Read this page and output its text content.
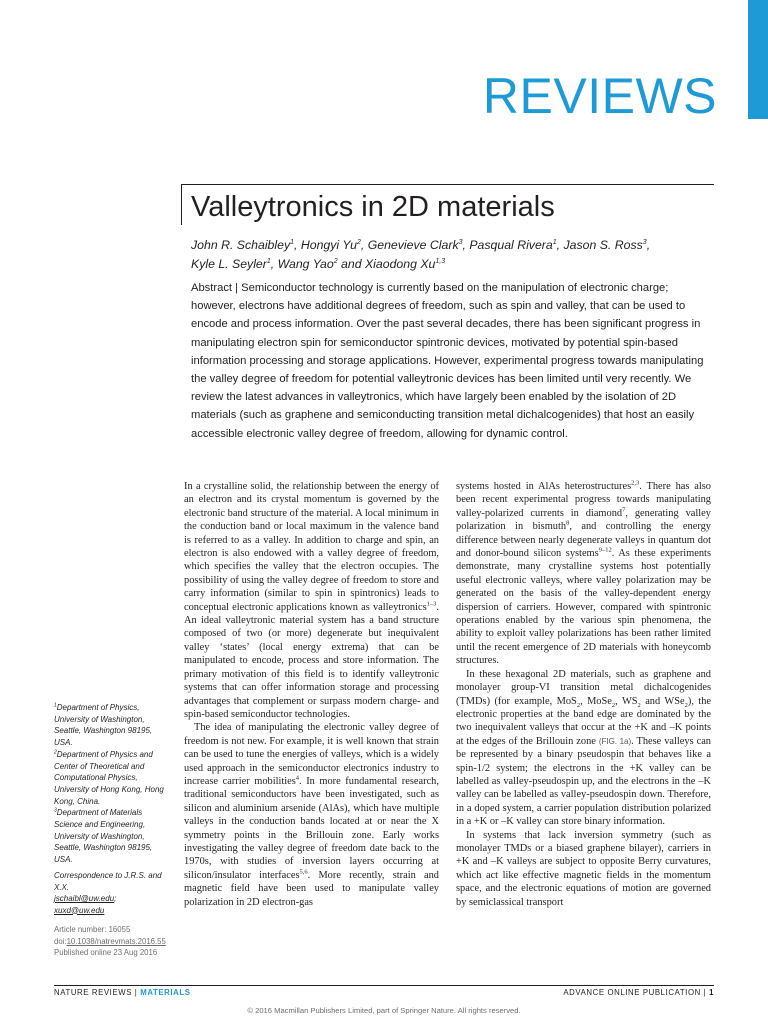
REVIEWS
Valleytronics in 2D materials
John R. Schaibley$^1$, Hongyi Yu$^2$, Genevieve Clark$^3$, Pasqual Rivera$^1$, Jason S. Ross$^3$,
Kyle L. Seyler$^1$, Wang Yao$^2$ and Xiaodong Xu$^{1,3}$
Abstract | Semiconductor technology is currently based on the manipulation of electronic charge; however, electrons have additional degrees of freedom, such as spin and valley, that can be used to encode and process information. Over the past several decades, there has been significant progress in manipulating electron spin for semiconductor spintronic devices, motivated by potential spin-based information processing and storage applications. However, experimental progress towards manipulating the valley degree of freedom for potential valleytronic devices has been limited until very recently. We review the latest advances in valleytronics, which have largely been enabled by the isolation of 2D materials (such as graphene and semiconducting transition metal dichalcogenides) that host an easily accessible electronic valley degree of freedom, allowing for dynamic control.

In a crystalline solid, the relationship between the energy of an electron and its crystal momentum is governed by the electronic band structure of the material. A local minimum in the conduction band or local maximum in the valence band is referred to as a valley. In addition to charge and spin, an electron is also endowed with a valley degree of freedom, which specifies the valley that the electron occupies. The possibility of using the valley degree of freedom to store and carry information (similar to spin in spintronics) leads to conceptual electronic applications known as valleytronics$^{1-3}$. An ideal valleytronic material system has a band structure composed of two (or more) degenerate but inequivalent valley ‘states’ (local energy extrema) that can be manipulated to encode, process and store information. The primary motivation of this field is to identify valleytronic systems that can offer information storage and processing advantages that complement or surpass modern charge- and spin-based semiconductor technologies.

The idea of manipulating the electronic valley degree of freedom is not new. For example, it is well known that strain can be used to tune the energies of valleys, which is a widely used approach in the semiconductor electronics industry to increase carrier mobilities$^4$. In more fundamental research, traditional semiconductors have been investigated, such as silicon and aluminium arsenide (AlAs), which have multiple valleys in the conduction bands located at or near the X symmetry points in the Brillouin zone. Early works investigating the valley degree of freedom date back to the 1970s, with studies of inversion layers occurring at silicon/insulator interfaces$^{5,6}$. More recently, strain and magnetic field have been used to manipulate valley polarization in 2D electron-gas

systems hosted in AlAs heterostructures$^{2,3}$. There has also been recent experimental progress towards manipulating valley-polarized currents in diamond$^7$, generating valley polarization in bismuth$^8$, and controlling the energy difference between nearly degenerate valleys in quantum dot and donor-bound silicon systems$^{9-12}$. As these experiments demonstrate, many crystalline systems host potentially useful electronic valleys, where valley polarization may be generated on the basis of the valley-dependent energy dispersion of carriers. However, compared with spintronic operations enabled by the various spin phenomena, the ability to exploit valley polarizations has been rather limited until the recent emergence of 2D materials with honeycomb structures.

In these hexagonal 2D materials, such as graphene and monolayer group-VI transition metal dichalcogenides (TMDs) (for example, MoS$_2$, MoSe$_2$, $WS_2$ and WSe$_2$), the electronic properties at the band edge are dominated by the two inequivalent valleys that occur at the +K and –K points at the edges of the Brillouin zone (FIG. 1a). These valleys can be represented by a binary pseudospin that behaves like a spin-1/2 system; the electrons in the +K valley can be labelled as valley-pseudospin up, and the electrons in the –K valley can be labelled as valley-pseudospin down. Therefore, in a doped system, a carrier population distribution polarized in a +K or –K valley can store binary information.

In systems that lack inversion symmetry (such as monolayer TMDs or a biased graphene bilayer), carriers in +K and –K valleys are subject to opposite Berry curvatures, which act like effective magnetic fields in the momentum space, and the electronic equations of motion are governed by semiclassical transport

$^1$Department of Physics, University of Washington, Seattle, Washington 98195, USA.

$^2$Department of Physics and Center of Theoretical and Computational Physics, University of Hong Kong, Hong Kong, China.

$^3$Department of Materials Science and Engineering, University of Washington, Seattle, Washington 98195, USA.

Correspondence to J.R.S. and X.X.

jschaibl@uw.edu;

xuxd@uw.edu

Article number: 16055

doi:10.1038/natrevmats.2016.55

Published online 23 Aug 2016

NATURE REVIEWS | MATERIALS	ADVANCE ONLINE PUBLICATION | 1
© 2016 Macmillan Publishers Limited, part of Springer Nature. All rights reserved.
